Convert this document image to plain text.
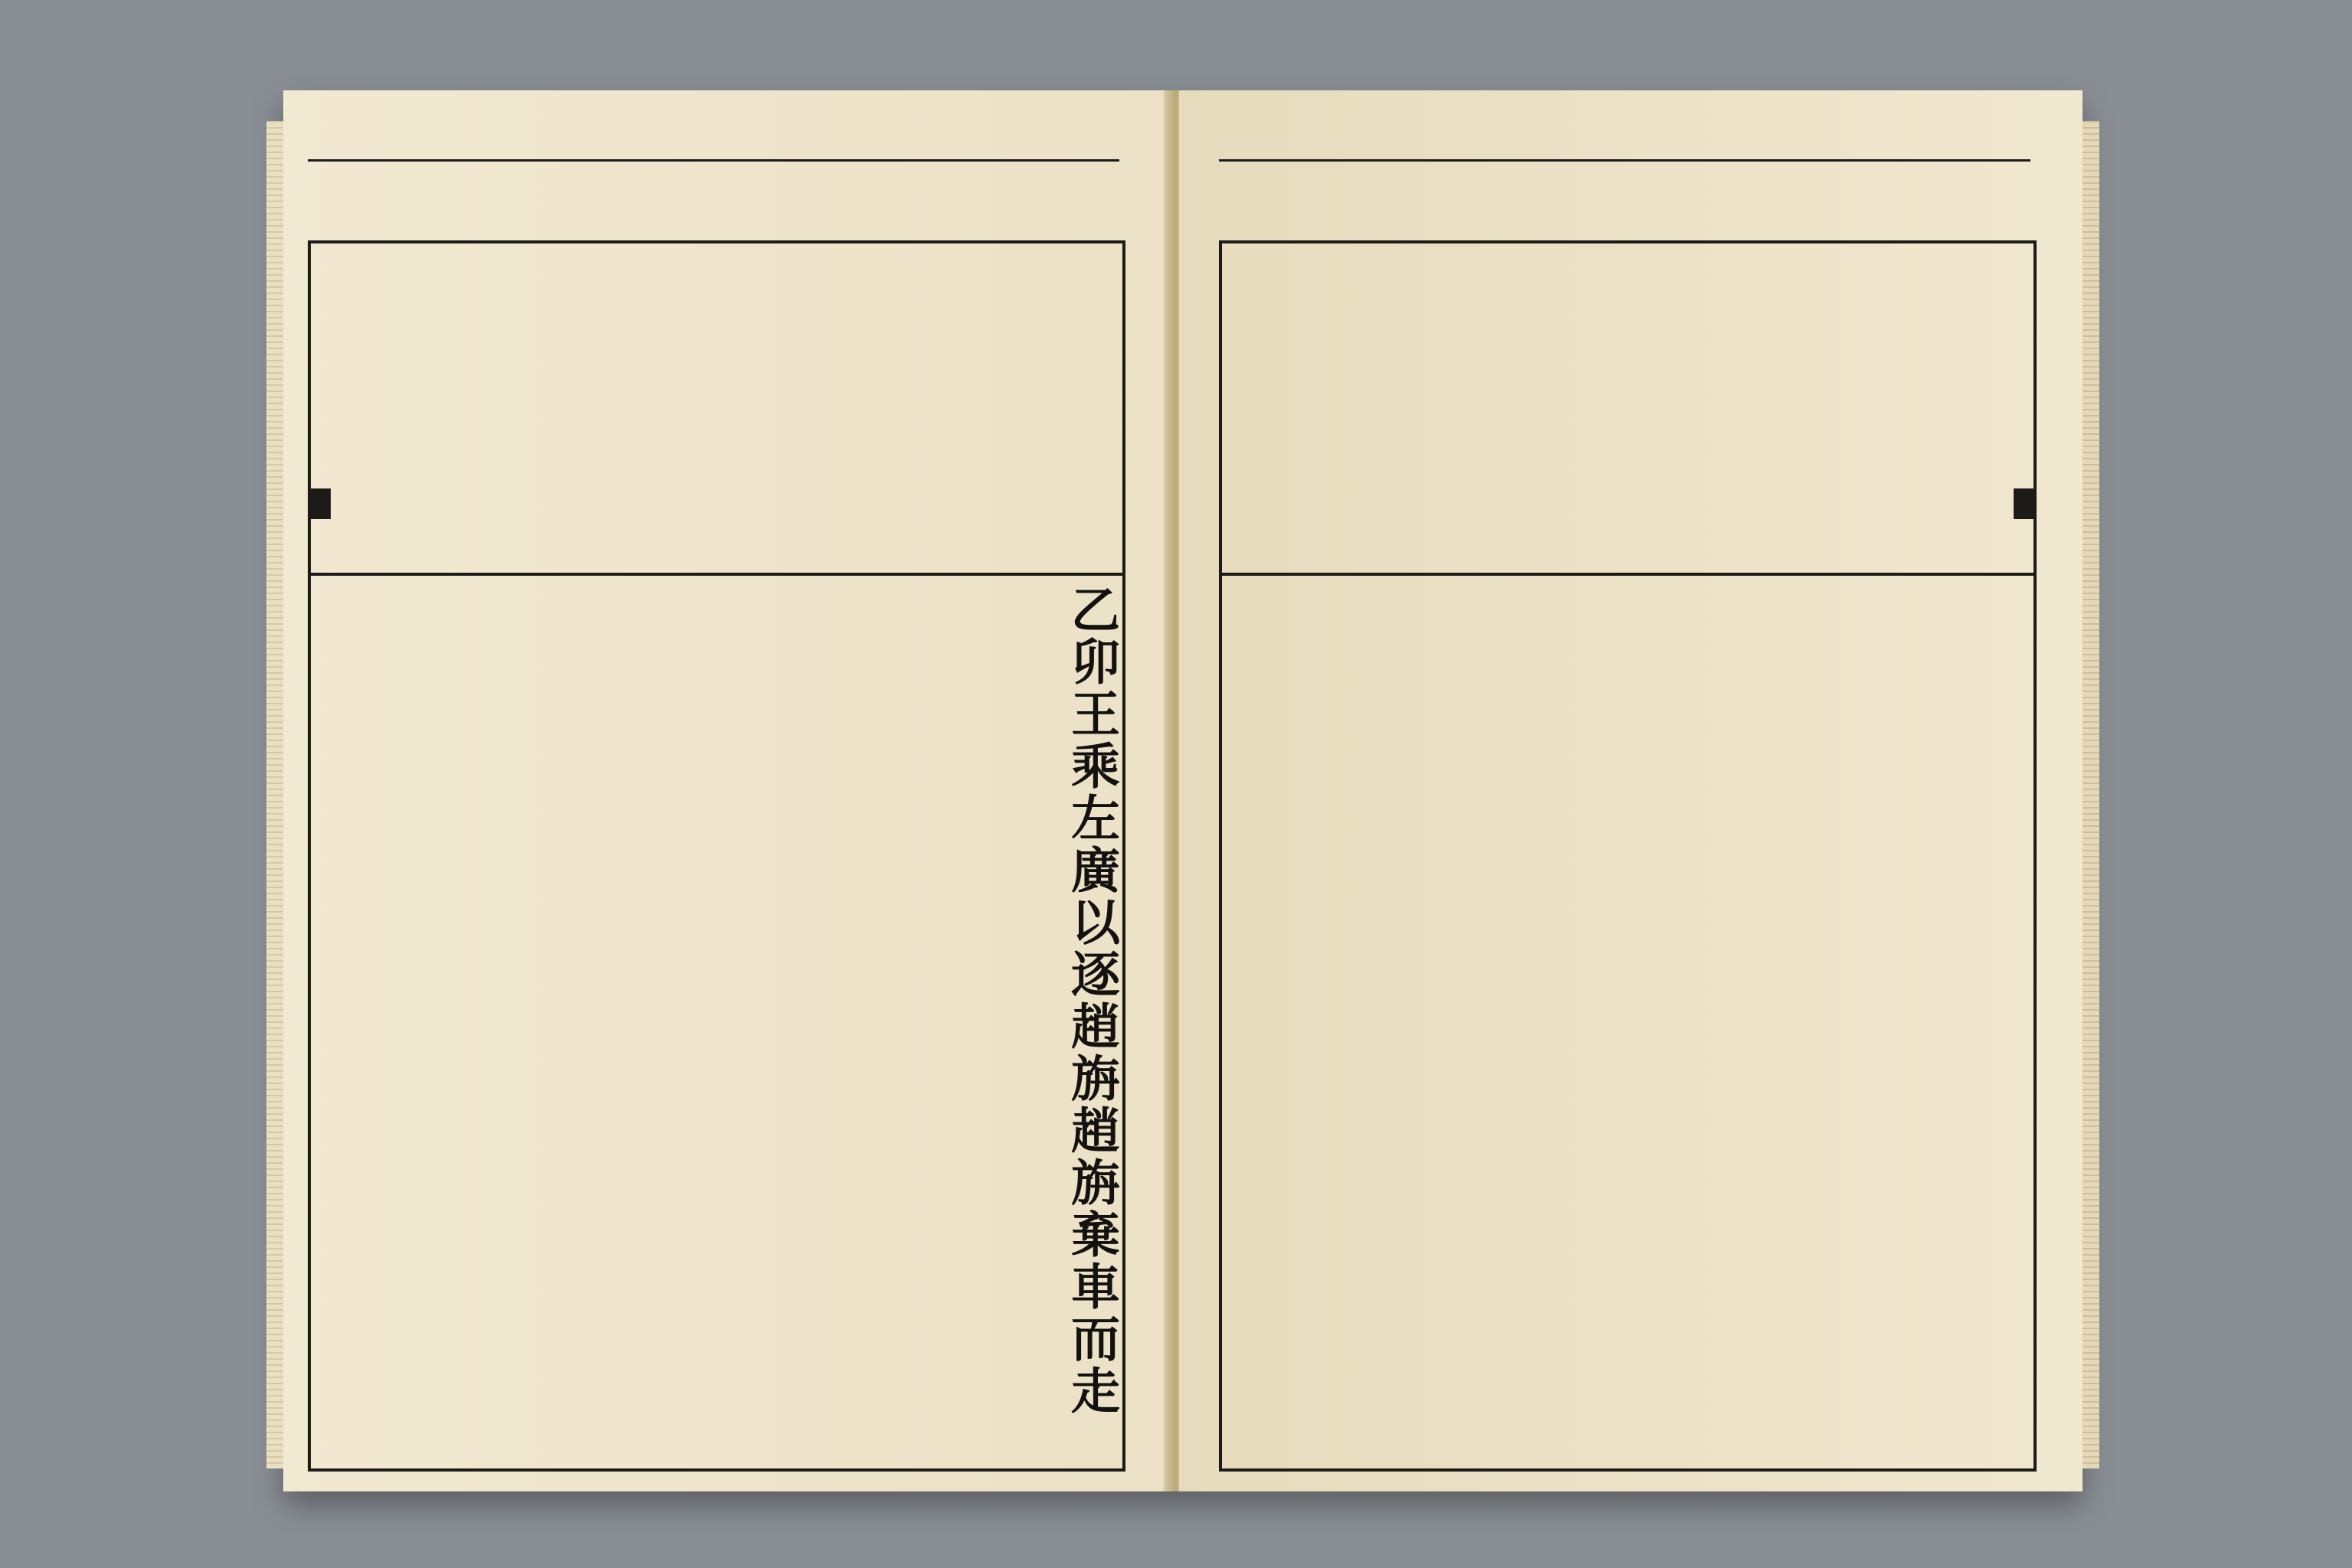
乙卯王乘左廣以逐趙旃趙旃棄車而走
